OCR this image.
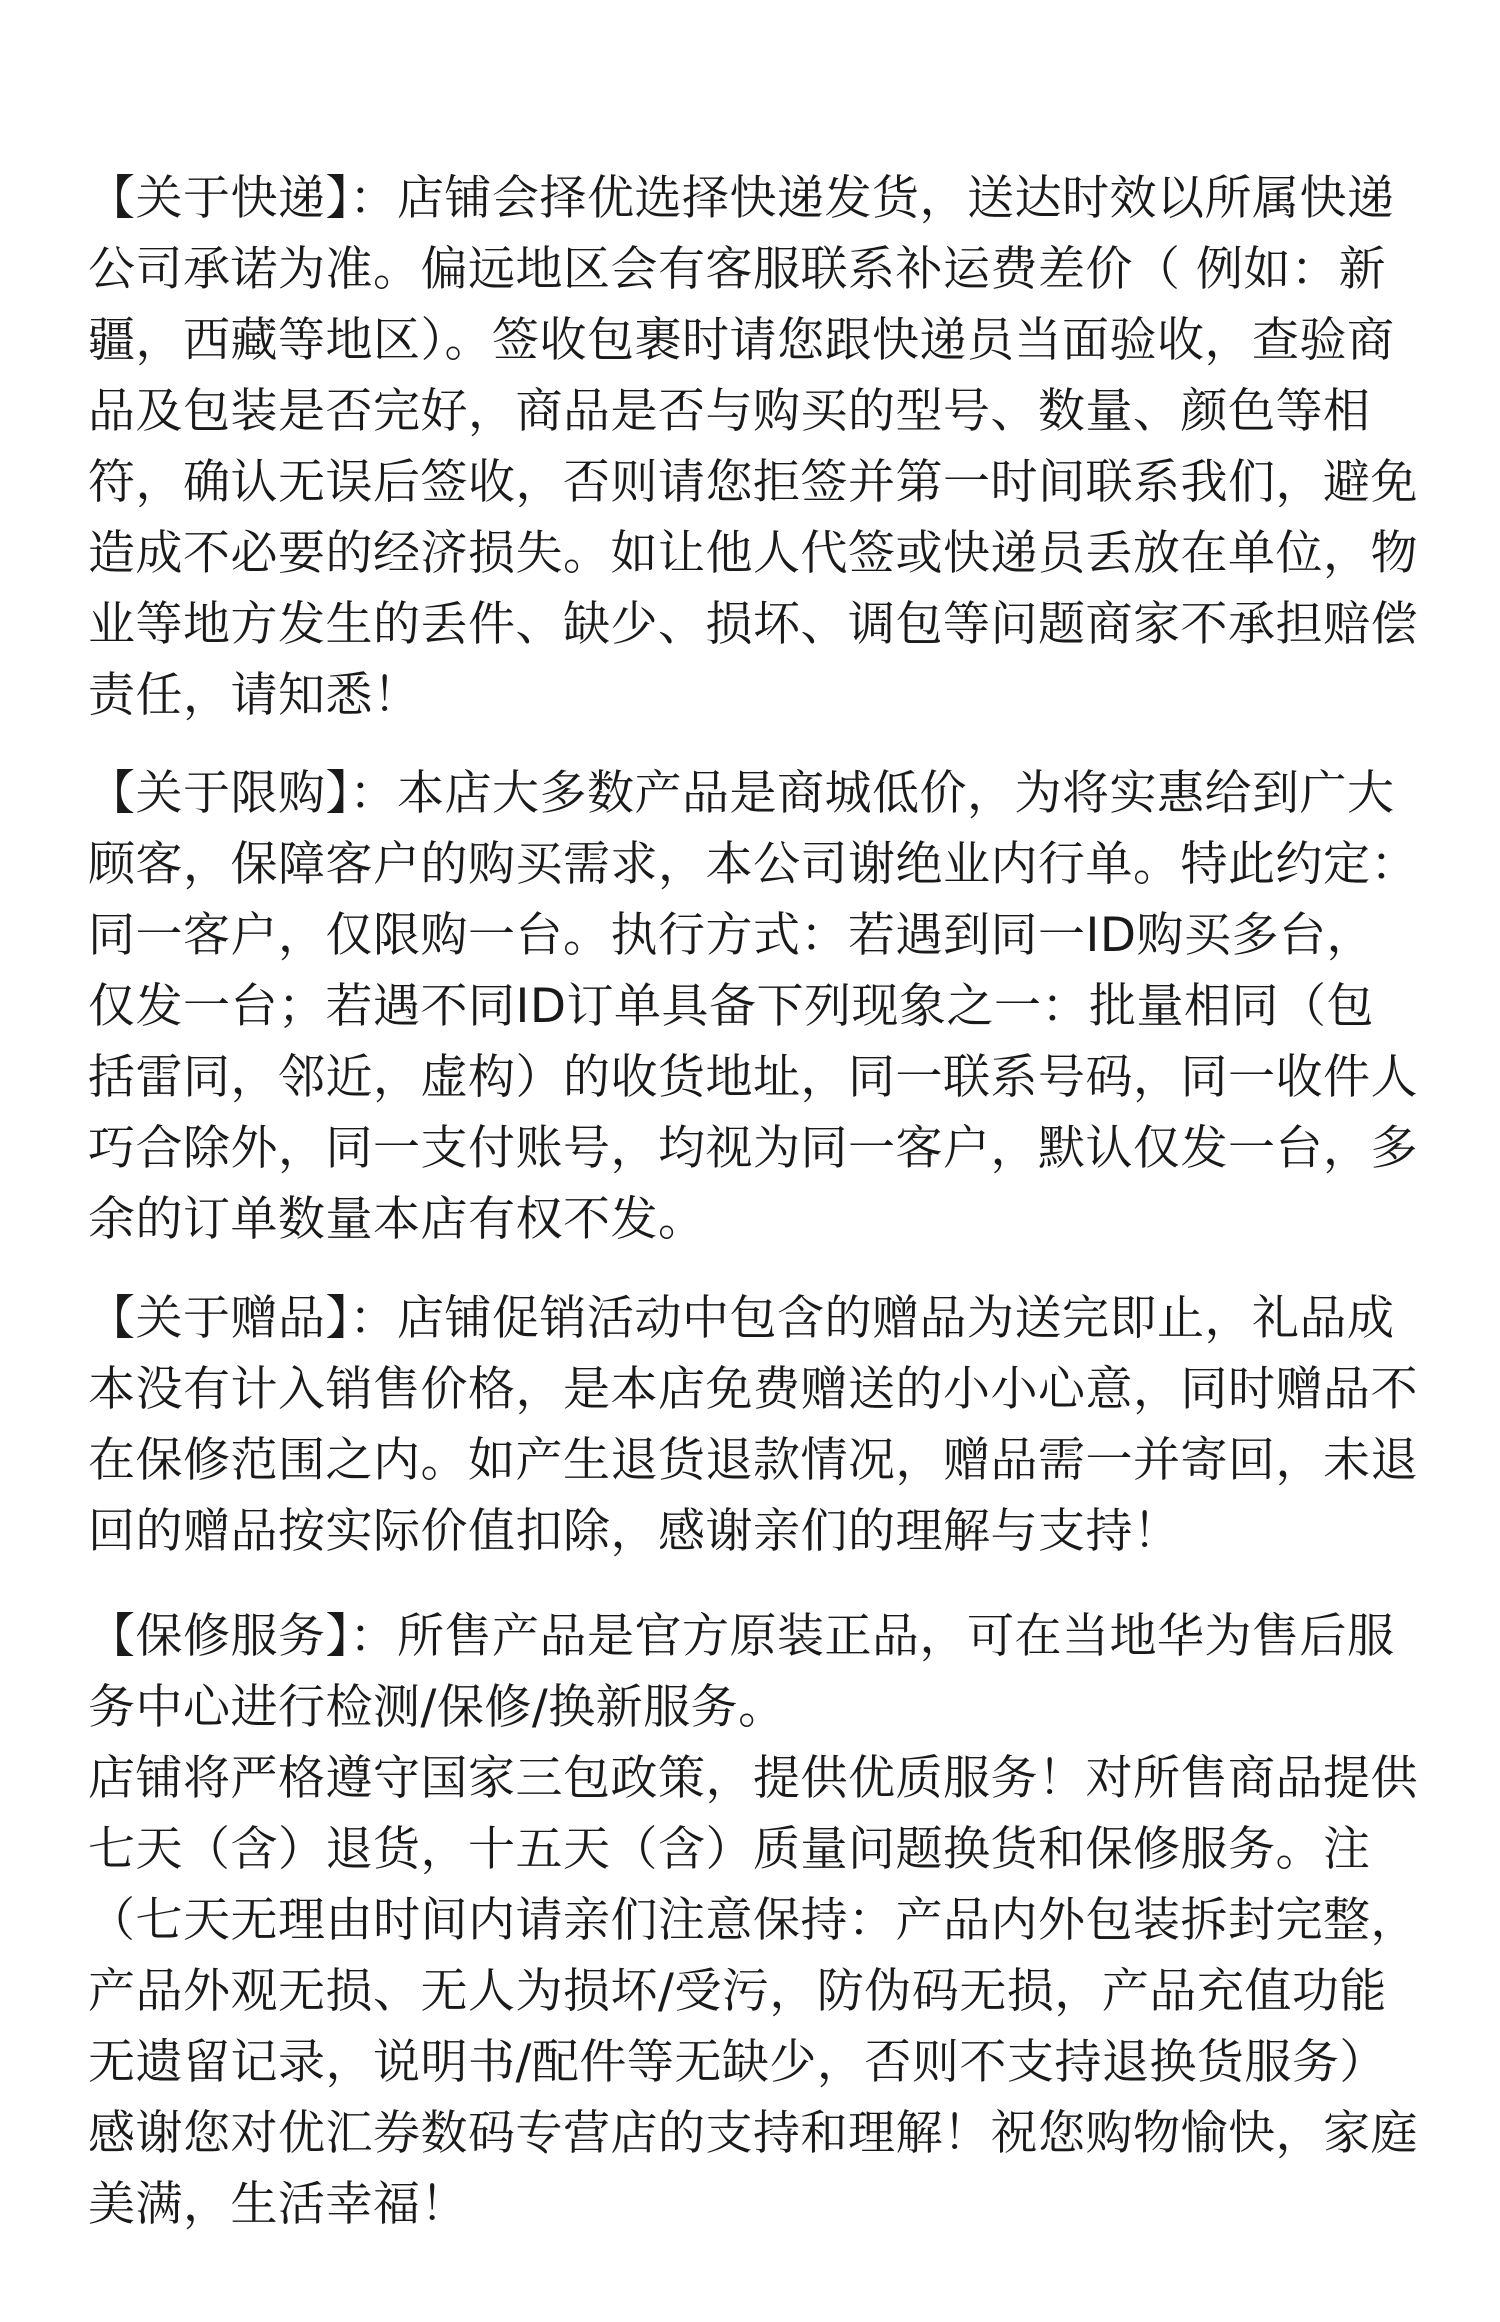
【关于快递】：店铺会择优选择快递发货，送达时效以所属快递公司承诺为准。偏远地区会有客服联系补运费差价（ 例如：新疆，西藏等地区）。签收包裹时请您跟快递员当面验收，查验商品及包装是否完好，商品是否与购买的型号、数量、颜色等相符，确认无误后签收，否则请您拒签并第一时间联系我们，避免造成不必要的经济损失。如让他人代签或快递员丢放在单位，物业等地方发生的丢件、缺少、损坏、调包等问题商家不承担赔偿责任，请知悉！

【关于限购】：本店大多数产品是商城低价，为将实惠给到广大顾客，保障客户的购买需求，本公司谢绝业内行单。特此约定：同一客户，仅限购一台。执行方式：若遇到同一ID购买多台，仅发一台；若遇不同ID订单具备下列现象之一：批量相同（包括雷同，邻近，虚构）的收货地址，同一联系号码，同一收件人巧合除外，同一支付账号，均视为同一客户，默认仅发一台，多余的订单数量本店有权不发。

【关于赠品】：店铺促销活动中包含的赠品为送完即止，礼品成本没有计入销售价格，是本店免费赠送的小小心意，同时赠品不在保修范围之内。如产生退货退款情况，赠品需一并寄回，未退回的赠品按实际价值扣除，感谢亲们的理解与支持！

【保修服务】：所售产品是官方原装正品，可在当地华为售后服务中心进行检测/保修/换新服务。
店铺将严格遵守国家三包政策，提供优质服务！对所售商品提供七天（含）退货，十五天（含）质量问题换货和保修服务。注（七天无理由时间内请亲们注意保持：产品内外包装拆封完整，产品外观无损、无人为损坏/受污，防伪码无损，产品充值功能无遗留记录，说明书/配件等无缺少，否则不支持退换货服务）感谢您对优汇券数码专营店的支持和理解！祝您购物愉快，家庭美满，生活幸福！
